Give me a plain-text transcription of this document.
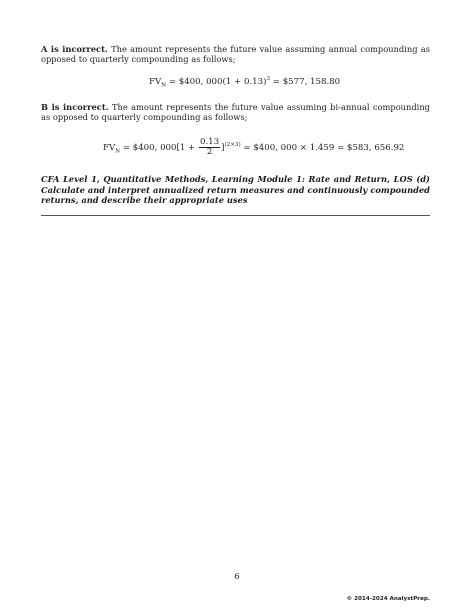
A is incorrect. The amount represents the future value assuming annual compounding as opposed to quarterly compounding as follows;
$FV_N$ = $400, $000(1 + 0.13)^3$ = $577, 158.80
B is incorrect. The amount represents the future value assuming bi-annual compounding as opposed to quarterly compounding as follows;
$FV_N$ = $400, $000[1 + \frac{0.13}{2} ]^{(2\times 3)}$ = $400, 000 × 1.459 = $583, 656.92
CFA Level 1, Quantitative Methods, Learning Module 1: Rate and Return, LOS (d) Calculate and interpret annualized return measures and continuously compounded returns, and describe their appropriate uses
6
© 2014-2024 AnalystPrep.
